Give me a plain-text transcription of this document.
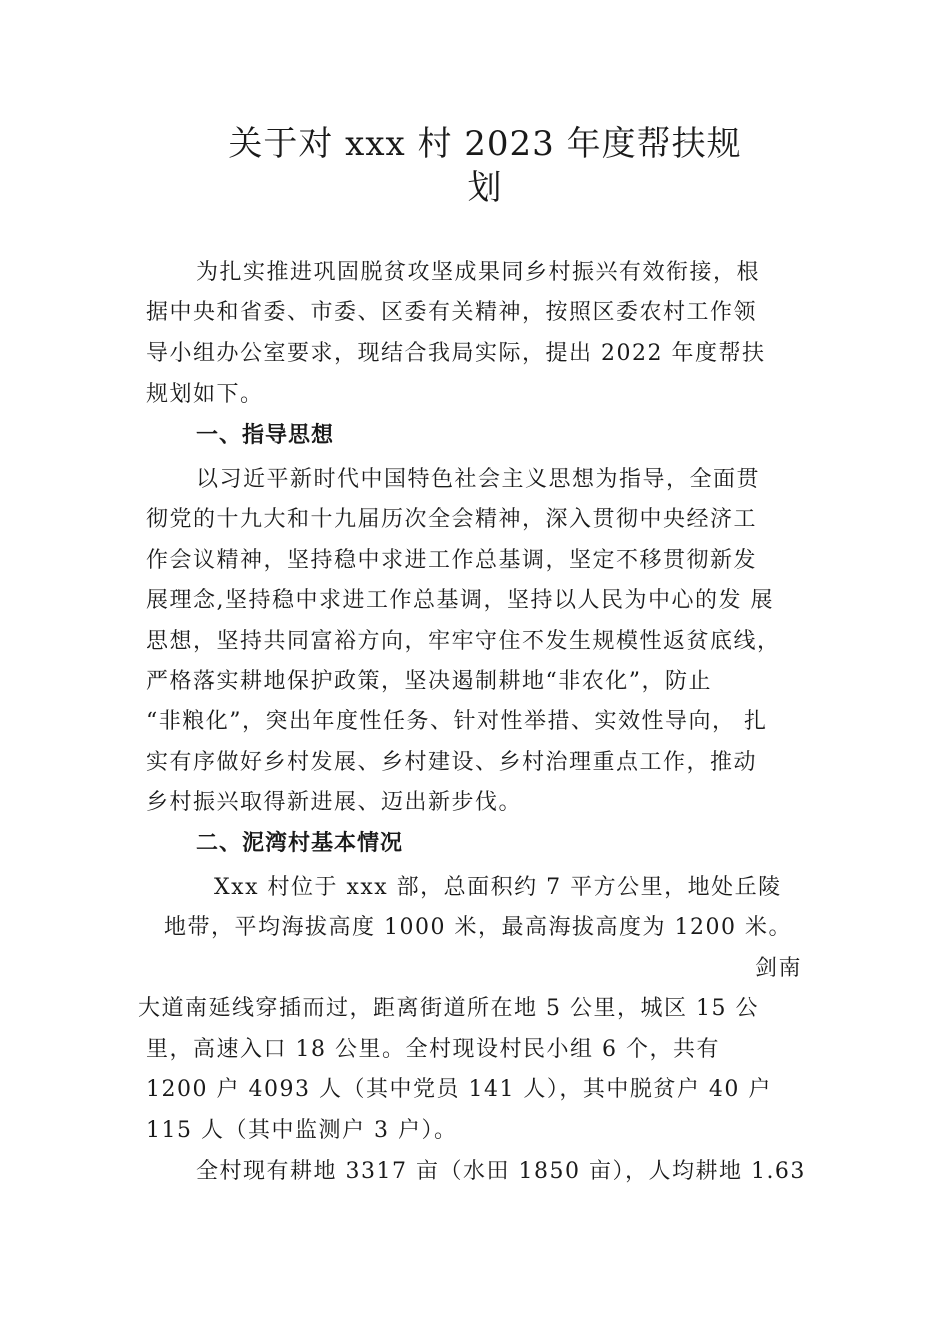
关于对 xxx 村 2023 年度帮扶规
划
为扎实推进巩固脱贫攻坚成果同乡村振兴有效衔接，根
据中央和省委、市委、区委有关精神，按照区委农村工作领
导小组办公室要求，现结合我局实际，提出 2022 年度帮扶
规划如下。
一、指导思想
以习近平新时代中国特色社会主义思想为指导，全面贯
彻党的十九大和十九届历次全会精神，深入贯彻中央经济工
作会议精神，坚持稳中求进工作总基调，坚定不移贯彻新发
展理念,坚持稳中求进工作总基调，坚持以人民为中心的发 展
思想，坚持共同富裕方向，牢牢守住不发生规模性返贫底线，
严格落实耕地保护政策，坚决遏制耕地“非农化”，防止
“非粮化”，突出年度性任务、针对性举措、实效性导向， 扎
实有序做好乡村发展、乡村建设、乡村治理重点工作，推动
乡村振兴取得新进展、迈出新步伐。
二、泥湾村基本情况
Xxx 村位于 xxx 部，总面积约 7 平方公里，地处丘陵
地带，平均海拔高度 1000 米，最高海拔高度为 1200 米。
剑南
大道南延线穿插而过，距离街道所在地 5 公里，城区 15 公
里，高速入口 18 公里。全村现设村民小组 6 个，共有
1200 户 4093 人（其中党员 141 人），其中脱贫户 40 户
115 人（其中监测户 3 户）。
全村现有耕地 3317 亩（水田 1850 亩），人均耕地 1.63
